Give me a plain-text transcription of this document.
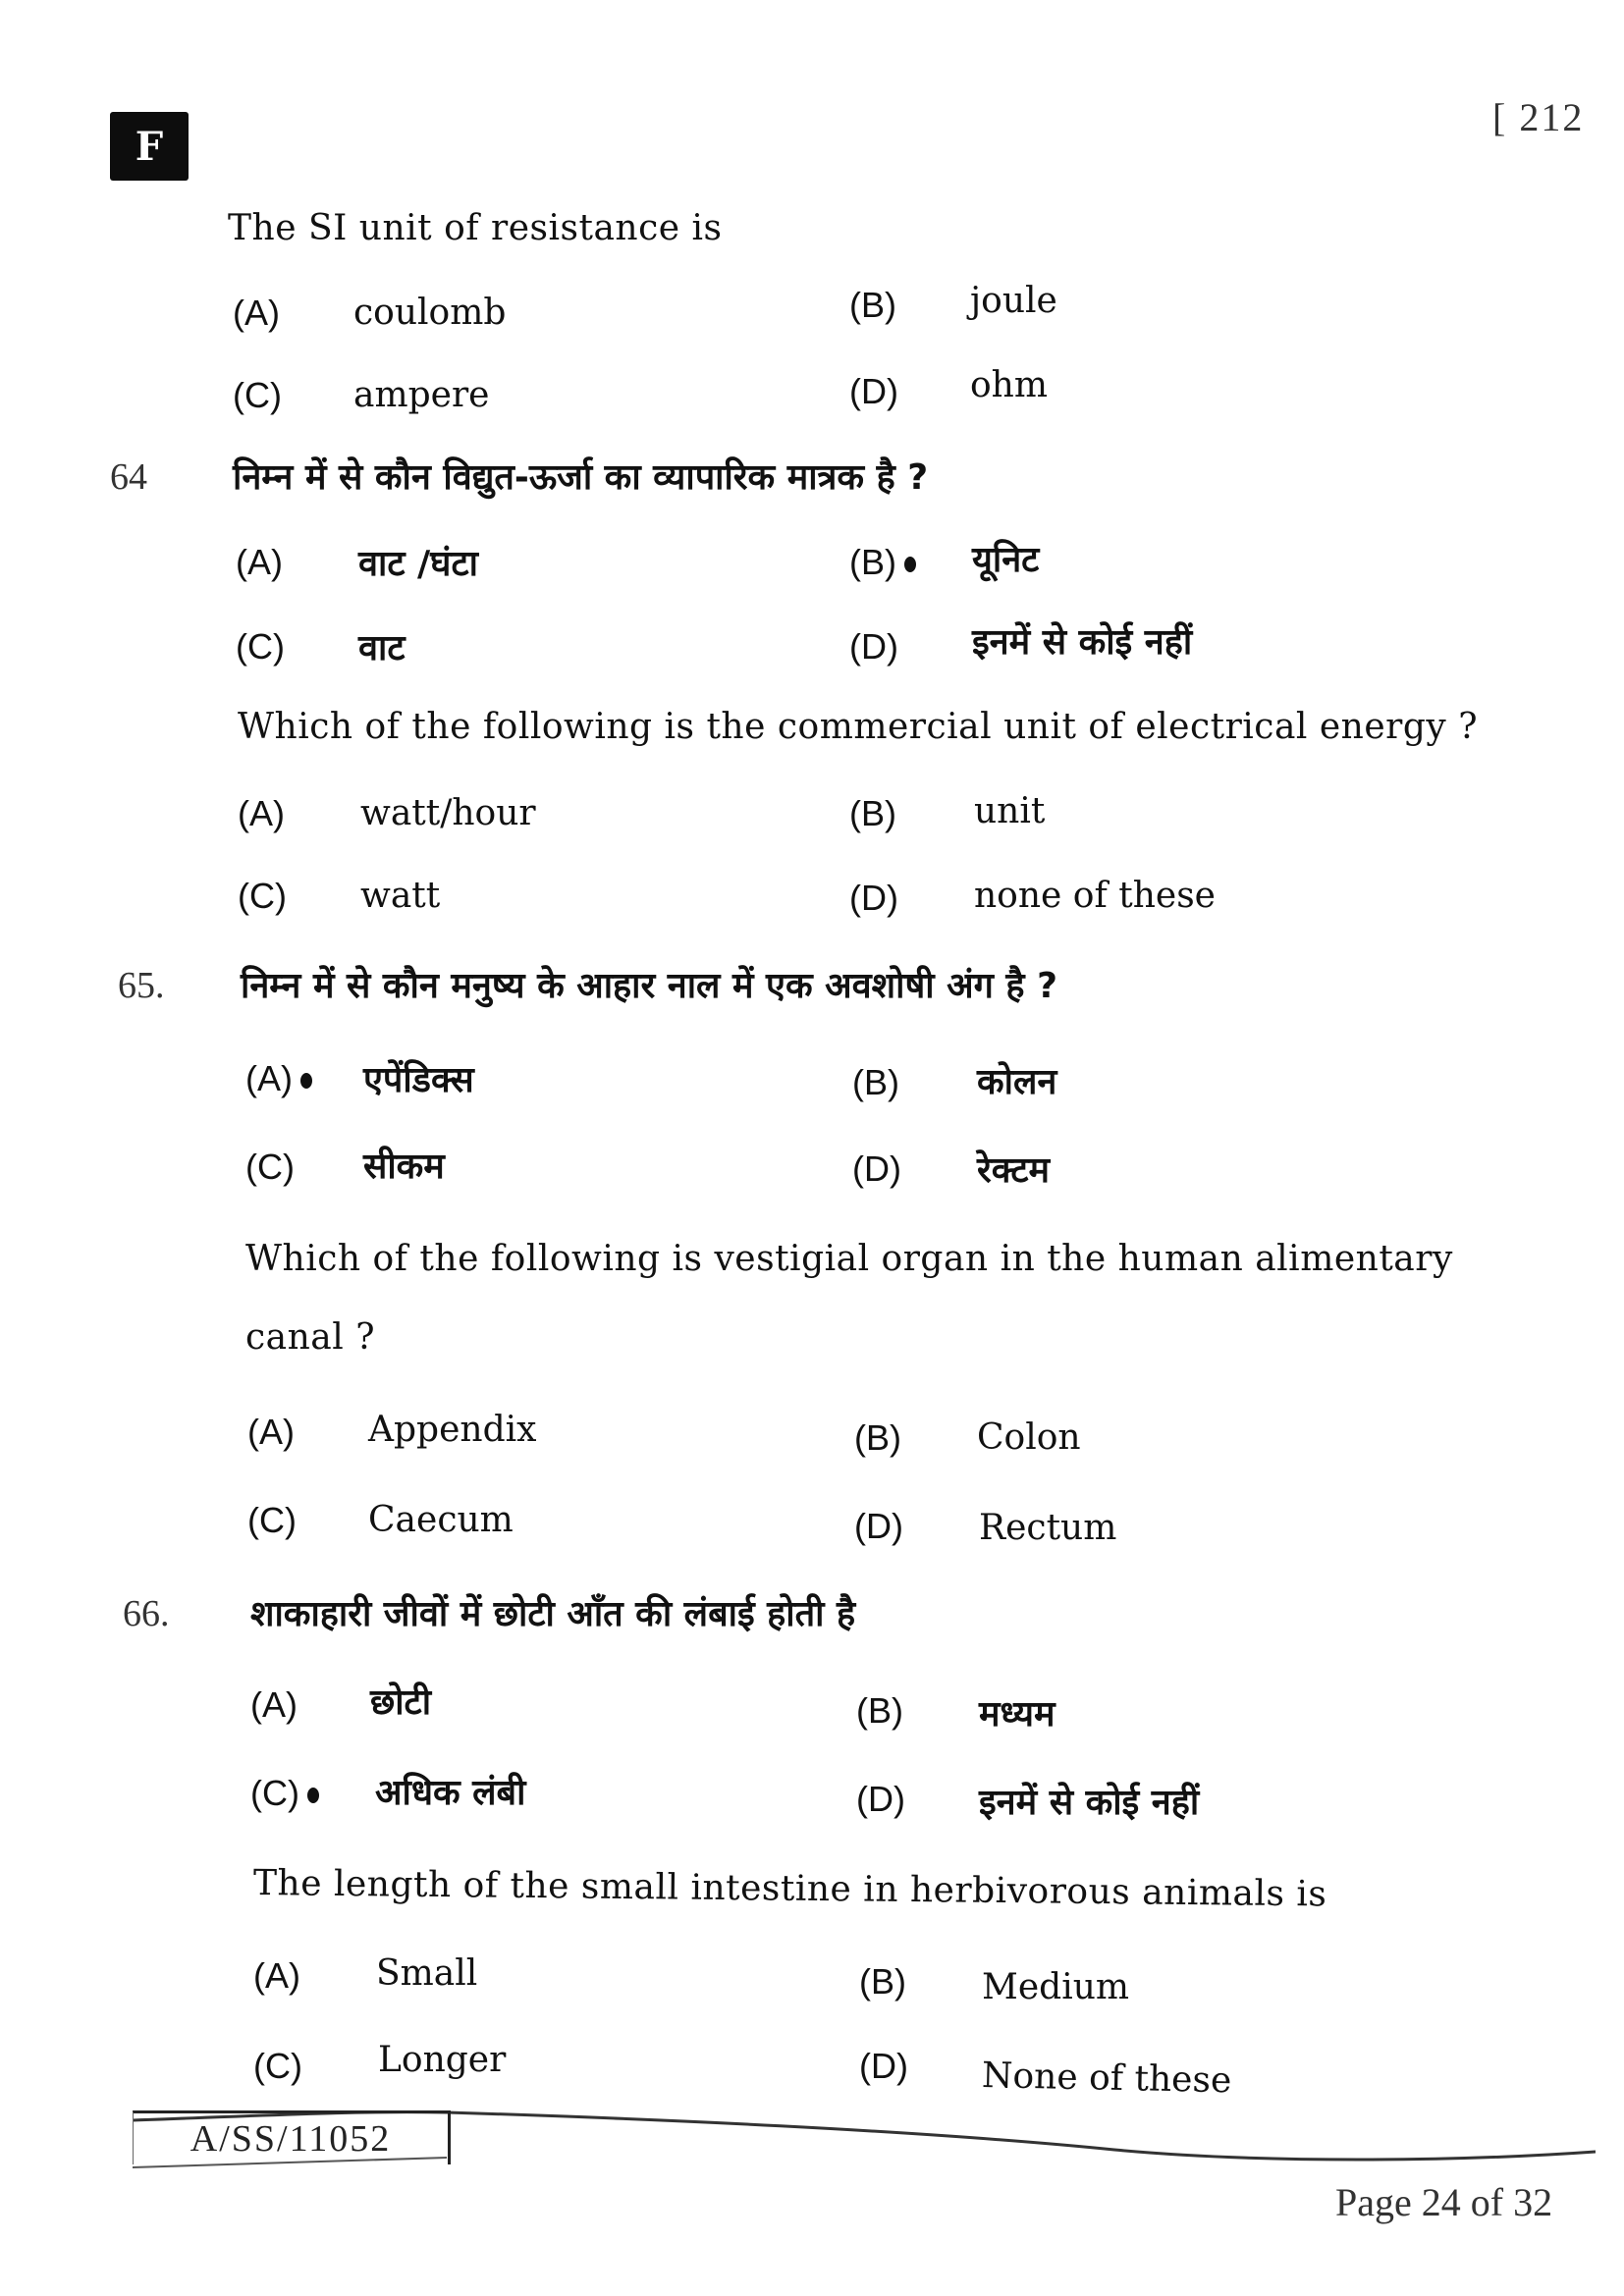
F
[ 212
The SI unit of resistance is
(A) coulomb	(B) joule
(C) ampere	(D) ohm
64 निम्न में से कौन विद्युत-ऊर्जा का व्यापारिक मात्रक है ?
(A) वाट /घंटा	(B)	यूनिट
(C) वाट	(D) इनमें से कोई नहीं
Which of the following is the commercial unit of electrical energy ?
(A) watt/hour	(B) unit
(C) watt	(D) none of these
65. निम्न में से कौन मनुष्य के आहार नाल में एक अवशोषी अंग है ?
(A)	एपेंडिक्स	(B) कोलन
(C) सीकम	(D) रेक्टम
Which of the following is vestigial organ in the human alimentary
canal ?
(A) Appendix	(B) Colon
(C) Caecum	(D) Rectum
66. शाकाहारी जीवों में छोटी आँत की लंबाई होती है
(A) छोटी	(B) मध्यम
(C)	अधिक लंबी	(D) इनमें से कोई नहीं
The length of the small intestine in herbivorous animals is
(A) Small	(B) Medium
(C) Longer	(D) None of these
A/SS/11052
Page 24 of 32
